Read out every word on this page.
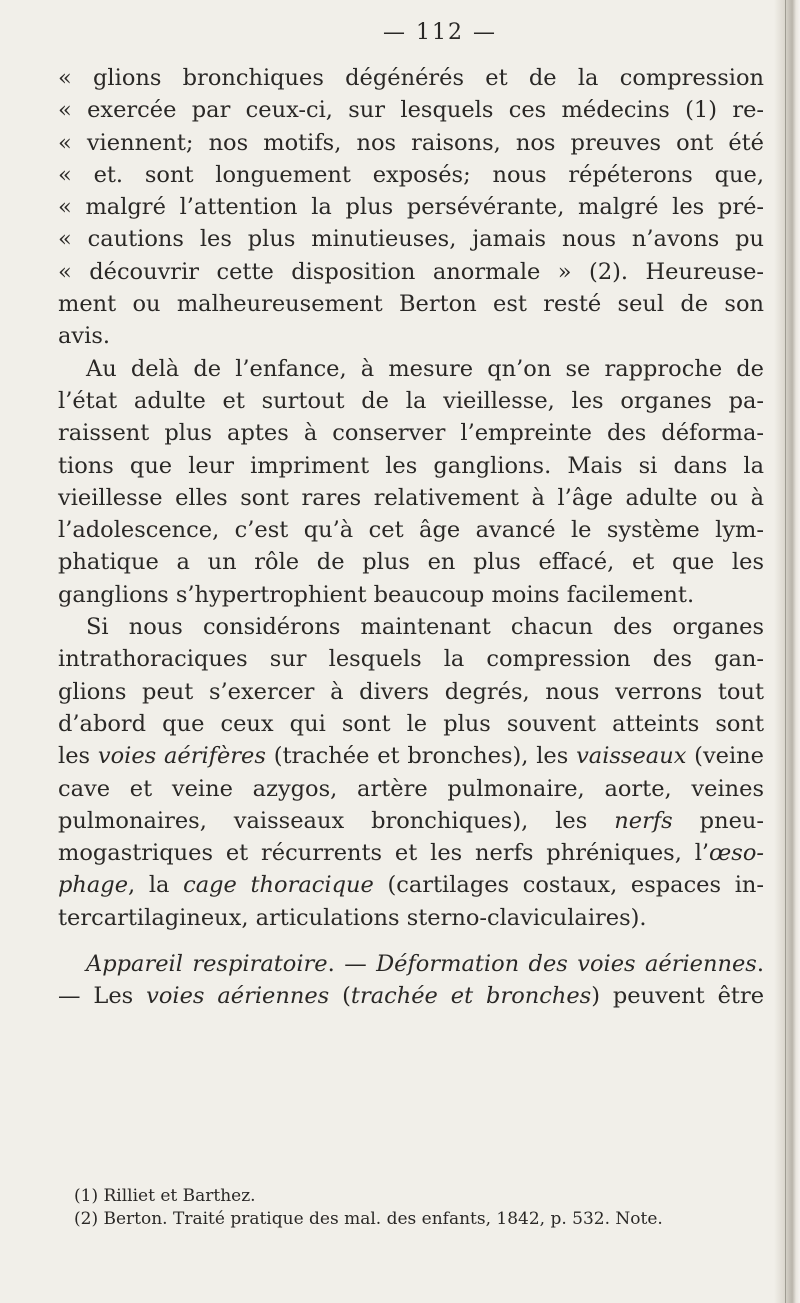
— 112 —
« glions bronchiques dégénérés et de la compression
« exercée par ceux-ci, sur lesquels ces médecins (1) re-
« viennent; nos motifs, nos raisons, nos preuves ont été
« et. sont longuement exposés; nous répéterons que,
« malgré l’attention la plus persévérante, malgré les pré-
« cautions les plus minutieuses, jamais nous n’avons pu
« découvrir cette disposition anormale » (2). Heureuse-
ment ou malheureusement Berton est resté seul de son
avis.
Au delà de l’enfance, à mesure qn’on se rapproche de
l’état adulte et surtout de la vieillesse, les organes pa-
raissent plus aptes à conserver l’empreinte des déforma-
tions que leur impriment les ganglions. Mais si dans la
vieillesse elles sont rares relativement à l’âge adulte ou à
l’adolescence, c’est qu’à cet âge avancé le système lym-
phatique a un rôle de plus en plus effacé, et que les
ganglions s’hypertrophient beaucoup moins facilement.
Si nous considérons maintenant chacun des organes
intrathoraciques sur lesquels la compression des gan-
glions peut s’exercer à divers degrés, nous verrons tout
d’abord que ceux qui sont le plus souvent atteints sont
les voies aérifères (trachée et bronches), les vaisseaux (veine
cave et veine azygos, artère pulmonaire, aorte, veines
pulmonaires, vaisseaux bronchiques), les nerfs pneu-
mogastriques et récurrents et les nerfs phréniques, l’œso-
phage, la cage thoracique (cartilages costaux, espaces in-
tercartilagineux, articulations sterno-claviculaires).
Appareil respiratoire. — Déformation des voies aériennes.
— Les voies aériennes (trachée et bronches) peuvent être
(1) Rilliet et Barthez.
(2) Berton. Traité pratique des mal. des enfants, 1842, p. 532. Note.
